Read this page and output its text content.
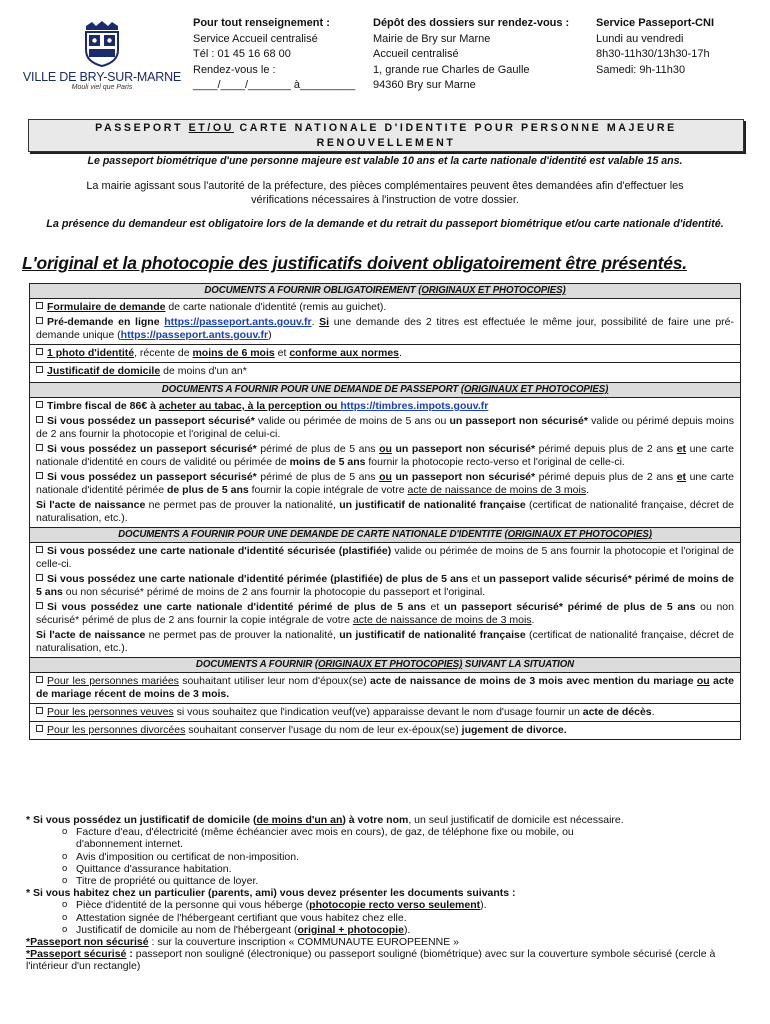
VILLE DE BRY-SUR-MARNE
Mouli viel que Paris
Pour tout renseignement :
Service Accueil centralisé
Tél : 01 45 16 68 00
Rendez-vous le :
____/____/_______ à_________
Dépôt des dossiers sur rendez-vous :
Mairie de Bry sur Marne
Accueil centralisé
1, grande rue Charles de Gaulle
94360 Bry sur Marne
Service Passeport-CNI
Lundi au vendredi
8h30-11h30/13h30-17h
Samedi: 9h-11h30
PASSEPORT ET/OU CARTE NATIONALE D'IDENTITE POUR PERSONNE MAJEURE
RENOUVELLEMENT
Le passeport biométrique d'une personne majeure est valable 10 ans et la carte nationale d'identité est valable 15 ans.
La mairie agissant sous l'autorité de la préfecture, des pièces complémentaires peuvent êtes demandées afin d'effectuer les vérifications nécessaires à l'instruction de votre dossier.
La présence du demandeur est obligatoire lors de la demande et du retrait du passeport biométrique et/ou carte nationale d'identité.
L'original et la photocopie des justificatifs doivent obligatoirement être présentés.
DOCUMENTS A FOURNIR OBLIGATOIREMENT (ORIGINAUX ET PHOTOCOPIES)
Formulaire de demande de carte nationale d'identité (remis au guichet).
Pré-demande en ligne https://passeport.ants.gouv.fr. Si une demande des 2 titres est effectuée le même jour, possibilité de faire une pré-demande unique (https://passeport.ants.gouv.fr)
1 photo d'identité, récente de moins de 6 mois et conforme aux normes.
Justificatif de domicile de moins d'un an*
DOCUMENTS A FOURNIR POUR UNE DEMANDE DE PASSEPORT (ORIGINAUX ET PHOTOCOPIES)
Timbre fiscal de 86€ à acheter au tabac, à la perception ou https://timbres.impots.gouv.fr
Si vous possédez un passeport sécurisé* valide ou périmée de moins de 5 ans ou un passeport non sécurisé* valide ou périmé depuis moins de 2 ans fournir la photocopie et l'original de celui-ci.
Si vous possédez un passeport sécurisé* périmé de plus de 5 ans ou un passeport non sécurisé* périmé depuis plus de 2 ans et une carte nationale d'identité en cours de validité ou périmée de moins de 5 ans fournir la photocopie recto-verso et l'original de celle-ci.
Si vous possédez un passeport sécurisé* périmé de plus de 5 ans ou un passeport non sécurisé* périmé depuis plus de 2 ans et une carte nationale d'identité périmée de plus de 5 ans fournir la copie intégrale de votre acte de naissance de moins de 3 mois.
Si l'acte de naissance ne permet pas de prouver la nationalité, un justificatif de nationalité française (certificat de nationalité française, décret de naturalisation, etc.).
DOCUMENTS A FOURNIR POUR UNE DEMANDE DE CARTE NATIONALE D'IDENTITE (ORIGINAUX ET PHOTOCOPIES)
Si vous possédez une carte nationale d'identité sécurisée (plastifiée) valide ou périmée de moins de 5 ans fournir la photocopie et l'original de celle-ci.
Si vous possédez une carte nationale d'identité périmée (plastifiée) de plus de 5 ans et un passeport valide sécurisé* périmé de moins de 5 ans ou non sécurisé* périmé de moins de 2 ans fournir la photocopie du passeport et l'original.
Si vous possédez une carte nationale d'identité périmé de plus de 5 ans et un passeport sécurisé* périmé de plus de 5 ans ou non sécurisé* périmé de plus de 2 ans fournir la copie intégrale de votre acte de naissance de moins de 3 mois.
Si l'acte de naissance ne permet pas de prouver la nationalité, un justificatif de nationalité française (certificat de nationalité française, décret de naturalisation, etc.).
DOCUMENTS A FOURNIR (ORIGINAUX ET PHOTOCOPIES) SUIVANT LA SITUATION
Pour les personnes mariées souhaitant utiliser leur nom d'époux(se) acte de naissance de moins de 3 mois avec mention du mariage ou acte de mariage récent de moins de 3 mois.
Pour les personnes veuves si vous souhaitez que l'indication veuf(ve) apparaisse devant le nom d'usage fournir un acte de décès.
Pour les personnes divorcées souhaitant conserver l'usage du nom de leur ex-époux(se) jugement de divorce.
* Si vous possédez un justificatif de domicile (de moins d'un an) à votre nom, un seul justificatif de domicile est nécessaire.
o Facture d'eau, d'électricité (même échéancier avec mois en cours), de gaz, de téléphone fixe ou mobile, ou
d'abonnement internet.
o Avis d'imposition ou certificat de non-imposition.
o Quittance d'assurance habitation.
o Titre de propriété ou quittance de loyer.
* Si vous habitez chez un particulier (parents, ami) vous devez présenter les documents suivants :
o Pièce d'identité de la personne qui vous héberge (photocopie recto verso seulement).
o Attestation signée de l'hébergeant certifiant que vous habitez chez elle.
o Justificatif de domicile au nom de l'hébergeant (original + photocopie).
*Passeport non sécurisé : sur la couverture inscription « COMMUNAUTE EUROPEENNE »
*Passeport sécurisé : passeport non souligné (électronique) ou passeport souligné (biométrique) avec sur la couverture symbole sécurisé (cercle à l'intérieur d'un rectangle)
